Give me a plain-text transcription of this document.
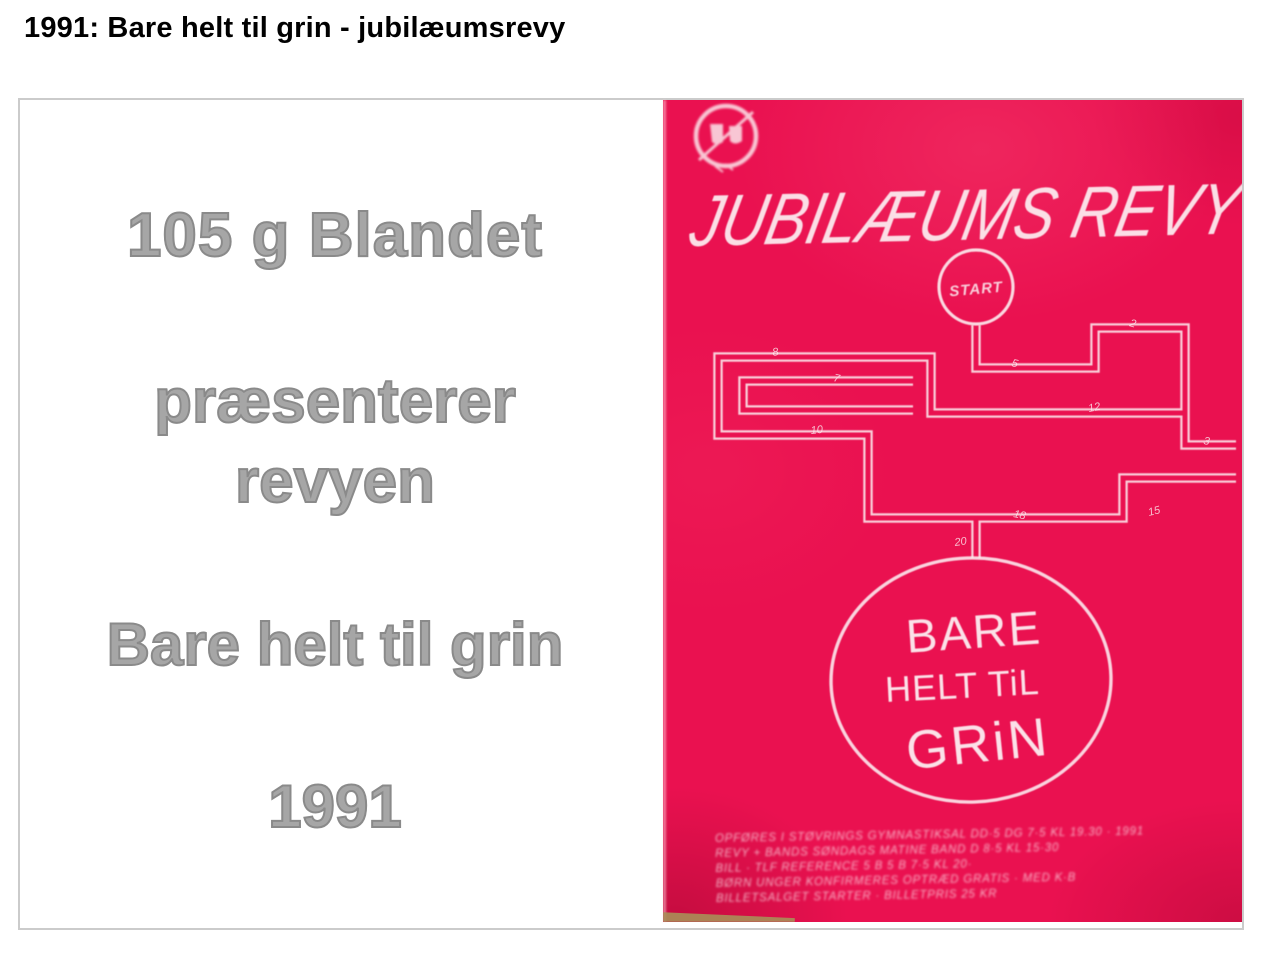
1991: Bare helt til grin - jubilæumsrevy
105 g Blandet
præsenterer
revyen
Bare helt til grin
1991
JUBILÆUMS REVY
8
7
10
5
2
12
3
15
18
20
START
BARE
HELT TiL
GRiN
OPFØRES I STØVRINGS GYMNASTIKSAL DD·5 DG 7·5 KL 19.30 · 1991
REVY + BANDS SØNDAGS MATINE BAND D 8·5 KL 15·30
BILL · TLF REFERENCE 5 B 5 B 7·5 KL 20·
BØRN UNGER KONFIRMERES OPTRÆD GRATIS · MED K·B
BILLETSALGET STARTER · BILLETPRIS 25 KR
